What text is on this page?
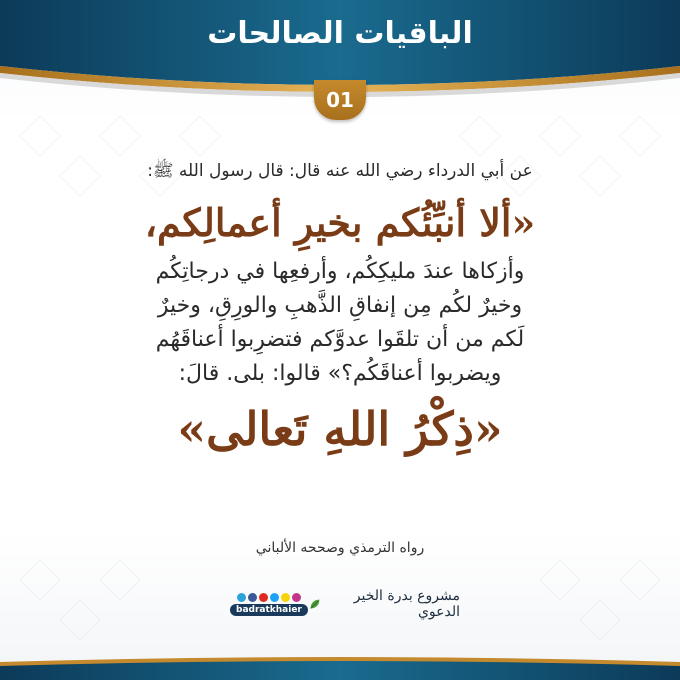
الباقيات الصالحات
01

عن أبي الدرداء رضي الله عنه قال: قال رسول الله ﷺ:

«ألا أنبِّئُكم بخيرِ أعمالِكم،

وأزكاها عندَ مليكِكُم، وأرفعِها في درجاتِكُم

وخيرٌ لكُم مِن إنفاقِ الذَّهبِ والورِقِ، وخيرٌ

لَكم من أن تلقَوا عدوَّكم فتضرِبوا أعناقَهُم

ويضربوا أعناقَكُم؟» قالوا: بلى. قالَ:

«ذِكْرُ اللهِ تَعالى»

رواه الترمذي وصححه الألباني
badratkhaier
مشروع بدرة الخير الدعوي
